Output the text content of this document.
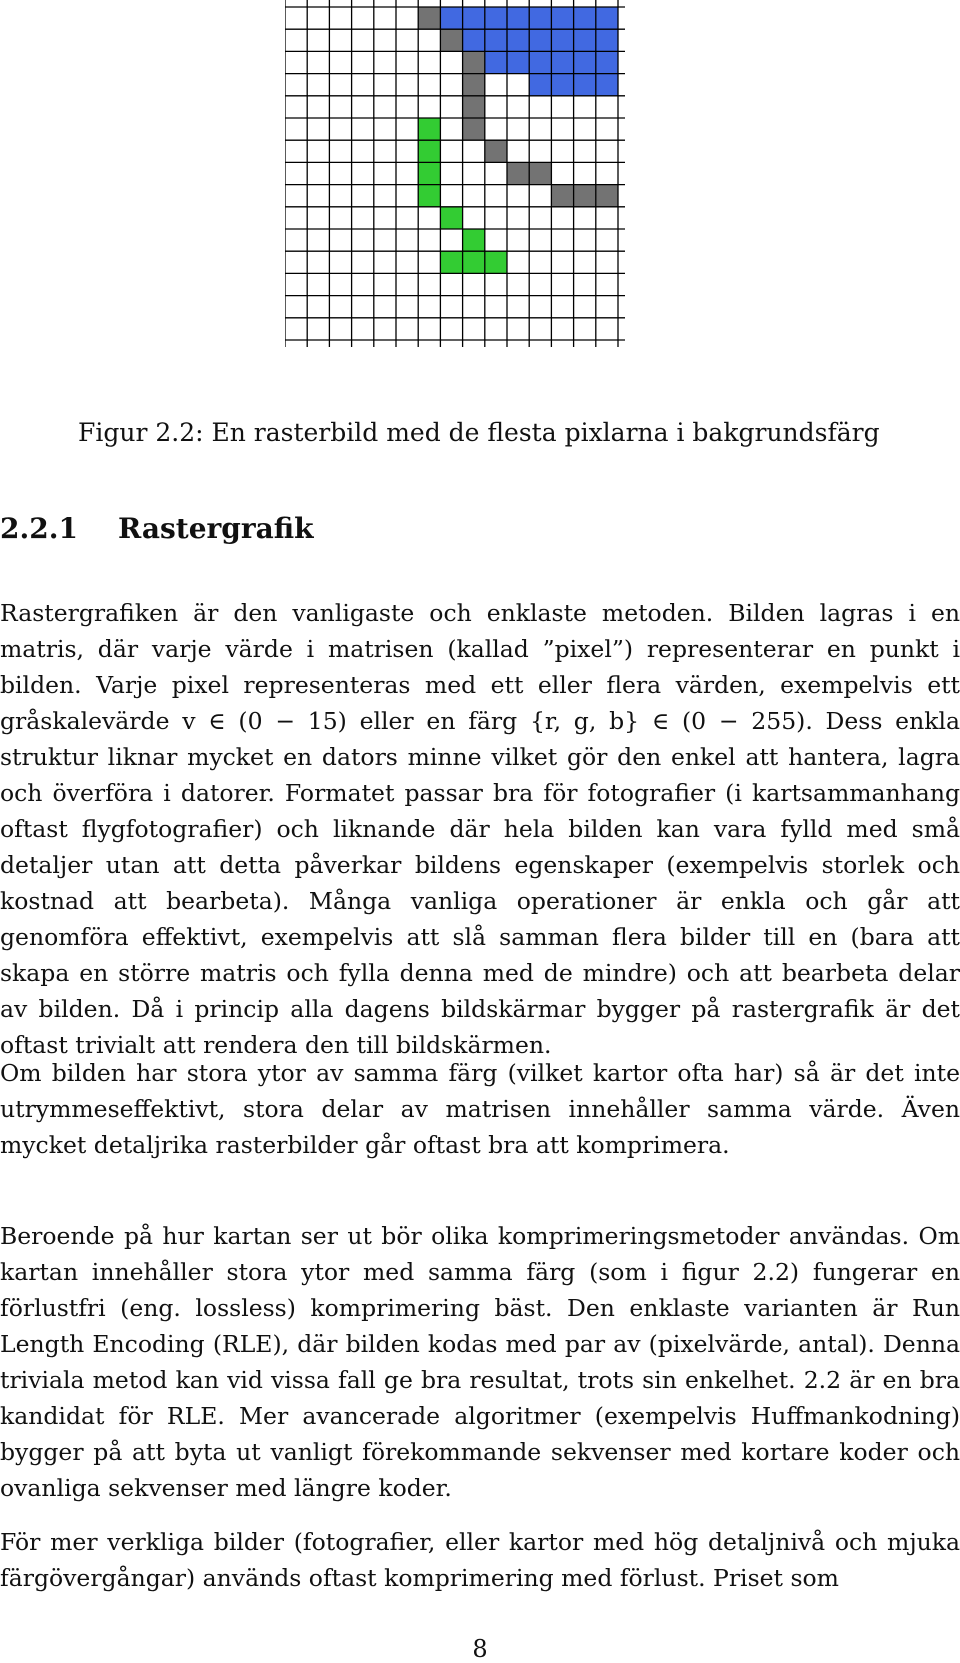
Figur 2.2: En rasterbild med de flesta pixlarna i bakgrundsfärg
2.2.1 Rastergrafik
Rastergrafiken är den vanligaste och enklaste metoden. Bilden lagras i en matris, där varje värde i matrisen (kallad ”pixel”) representerar en punkt i bilden. Varje pixel representeras med ett eller flera värden, exempelvis ett gråskalevärde v ∈ (0 − 15) eller en färg {r, g, b} ∈ (0 − 255). Dess enkla struktur liknar mycket en dators minne vilket gör den enkel att hantera, lagra och överföra i datorer. Formatet passar bra för fotografier (i kartsammanhang oftast flygfotografier) och liknande där hela bilden kan vara fylld med små detaljer utan att detta påverkar bildens egenskaper (exempelvis storlek och kostnad att bearbeta). Många vanliga operationer är enkla och går att genomföra effektivt, exempelvis att slå samman flera bilder till en (bara att skapa en större matris och fylla denna med de mindre) och att bearbeta delar av bilden. Då i princip alla dagens bildskärmar bygger på rastergrafik är det oftast trivialt att rendera den till bildskärmen.
Om bilden har stora ytor av samma färg (vilket kartor ofta har) så är det inte utrymmeseffektivt, stora delar av matrisen innehåller samma värde. Även mycket detaljrika rasterbilder går oftast bra att komprimera.
Beroende på hur kartan ser ut bör olika komprimeringsmetoder användas. Om kartan innehåller stora ytor med samma färg (som i figur 2.2) fungerar en förlustfri (eng. lossless) komprimering bäst. Den enklaste varianten är Run Length Encoding (RLE), där bilden kodas med par av (pixelvärde, antal). Denna triviala metod kan vid vissa fall ge bra resultat, trots sin enkelhet. 2.2 är en bra kandidat för RLE. Mer avancerade algoritmer (exempelvis Huffmankodning) bygger på att byta ut vanligt förekommande sekvenser med kortare koder och ovanliga sekvenser med längre koder.
För mer verkliga bilder (fotografier, eller kartor med hög detaljnivå och mjuka färgövergångar) används oftast komprimering med förlust. Priset som
8
